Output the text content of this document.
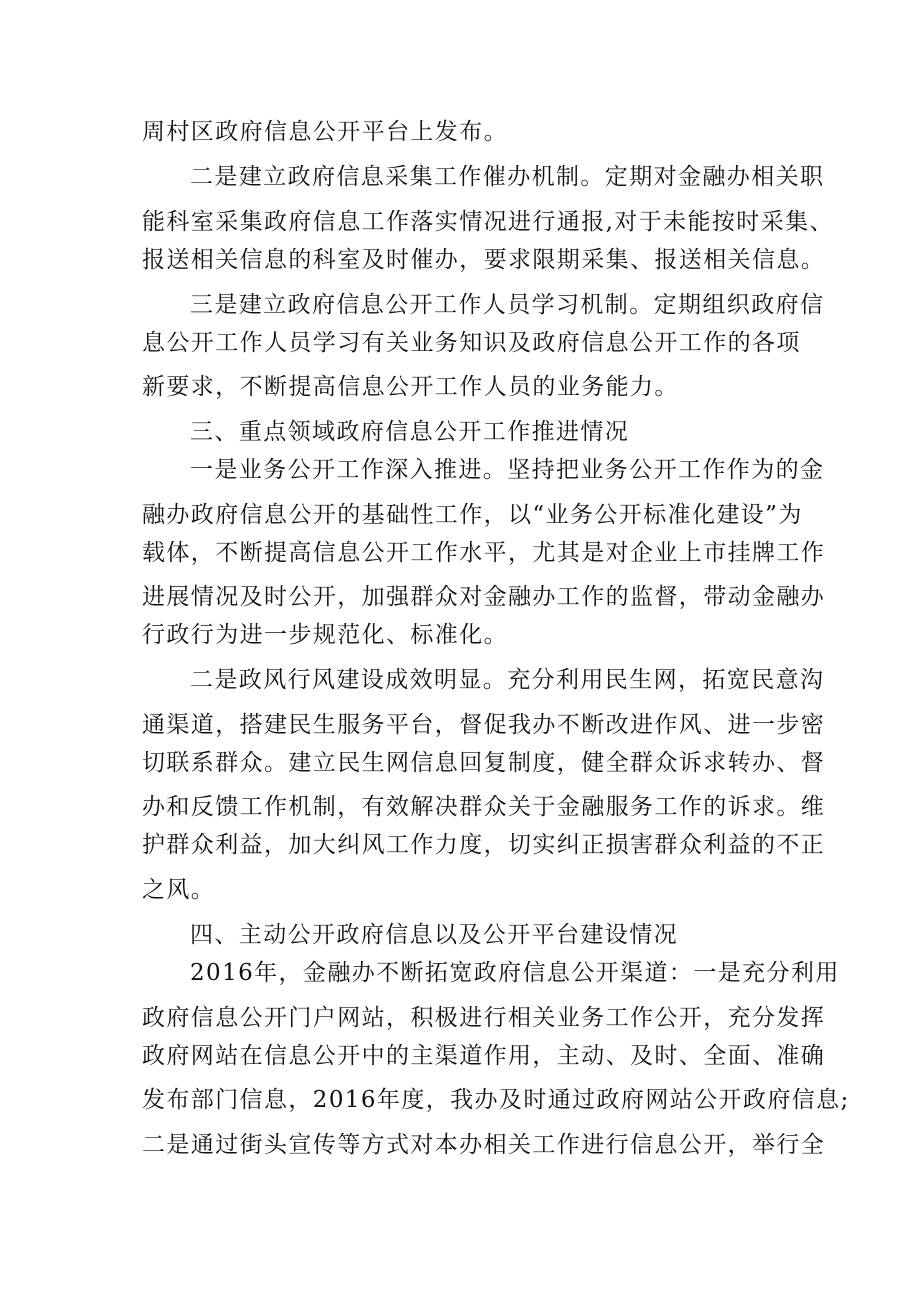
周村区政府信息公开平台上发布。
二是建立政府信息采集工作催办机制。定期对金融办相关职
能科室采集政府信息工作落实情况进行通报,对于未能按时采集、
报送相关信息的科室及时催办，要求限期采集、报送相关信息。
三是建立政府信息公开工作人员学习机制。定期组织政府信
息公开工作人员学习有关业务知识及政府信息公开工作的各项
新要求，不断提高信息公开工作人员的业务能力。
三、重点领域政府信息公开工作推进情况
一是业务公开工作深入推进。坚持把业务公开工作作为的金
融办政府信息公开的基础性工作，以“业务公开标准化建设”为
载体，不断提高信息公开工作水平，尤其是对企业上市挂牌工作
进展情况及时公开，加强群众对金融办工作的监督，带动金融办
行政行为进一步规范化、标准化。
二是政风行风建设成效明显。充分利用民生网，拓宽民意沟
通渠道，搭建民生服务平台，督促我办不断改进作风、进一步密
切联系群众。建立民生网信息回复制度，健全群众诉求转办、督
办和反馈工作机制，有效解决群众关于金融服务工作的诉求。维
护群众利益，加大纠风工作力度，切实纠正损害群众利益的不正
之风。
四、主动公开政府信息以及公开平台建设情况
2016年，金融办不断拓宽政府信息公开渠道：一是充分利用
政府信息公开门户网站，积极进行相关业务工作公开，充分发挥
政府网站在信息公开中的主渠道作用，主动、及时、全面、准确
发布部门信息，2016年度，我办及时通过政府网站公开政府信息;
二是通过街头宣传等方式对本办相关工作进行信息公开，举行全
